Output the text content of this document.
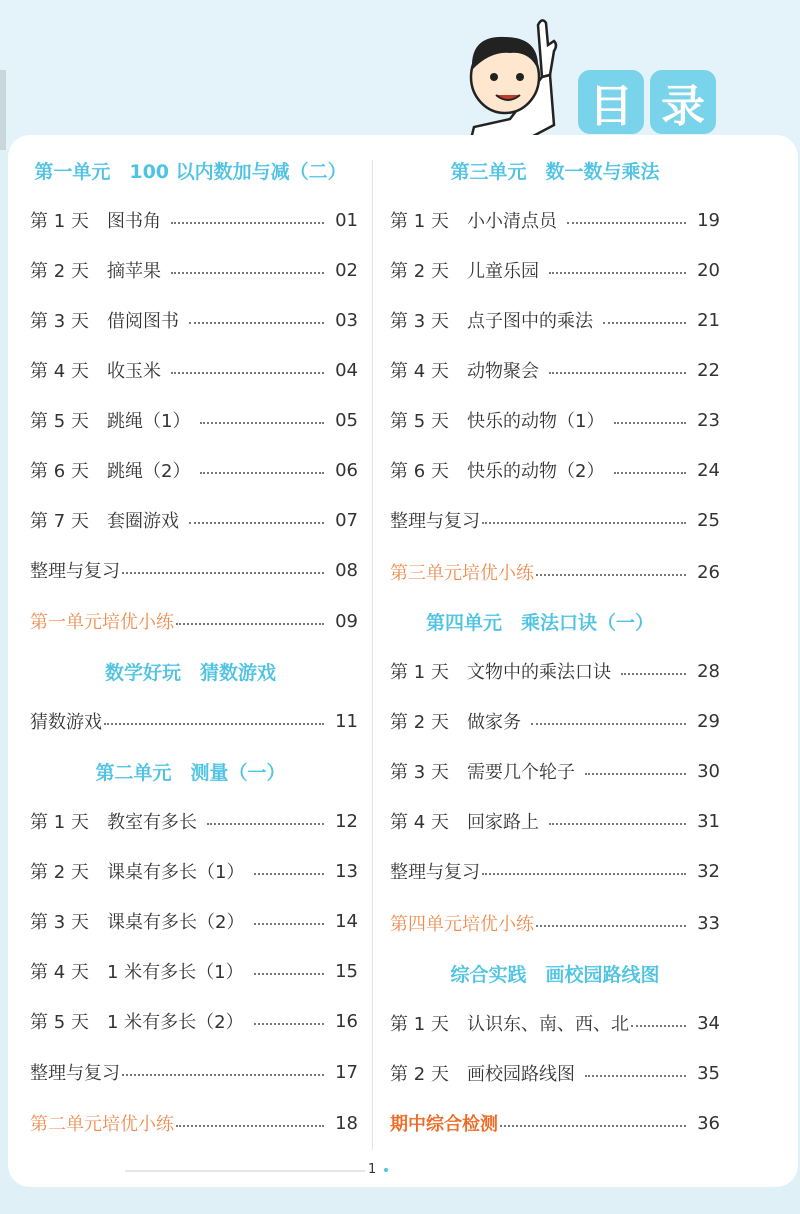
目 录
第一单元　100 以内数加与减（二）
第 1 天	图书角	01
第 2 天	摘苹果	02
第 3 天	借阅图书	03
第 4 天	收玉米	04
第 5 天	跳绳（1）	05
第 6 天	跳绳（2）	06
第 7 天	套圈游戏	07
整理与复习	08
第一单元培优小练	09
数学好玩　猜数游戏
猜数游戏	11
第二单元　测量（一）
第 1 天	教室有多长	12
第 2 天	课桌有多长（1）	13
第 3 天	课桌有多长（2）	14
第 4 天	1 米有多长（1）	15
第 5 天	1 米有多长（2）	16
整理与复习	17
第二单元培优小练	18
第三单元　数一数与乘法
第 1 天	小小清点员	19
第 2 天	儿童乐园	20
第 3 天	点子图中的乘法	21
第 4 天	动物聚会	22
第 5 天	快乐的动物（1）	23
第 6 天	快乐的动物（2）	24
整理与复习	25
第三单元培优小练	26
第四单元　乘法口诀（一）
第 1 天	文物中的乘法口诀	28
第 2 天	做家务	29
第 3 天	需要几个轮子	30
第 4 天	回家路上	31
整理与复习	32
第四单元培优小练	33
综合实践　画校园路线图
第 1 天	认识东、南、西、北	34
第 2 天	画校园路线图	35
期中综合检测	36
1
